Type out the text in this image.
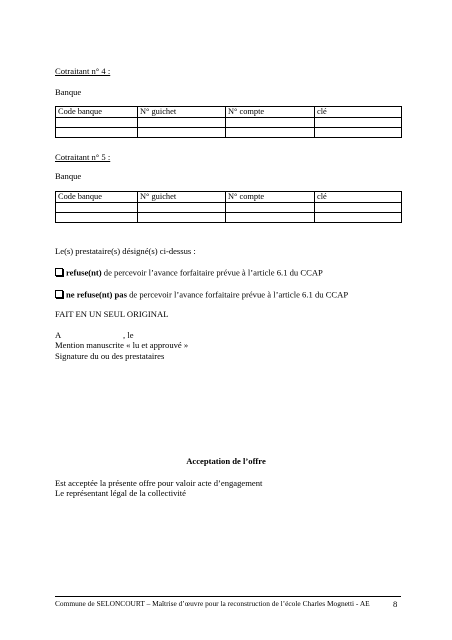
Cotraitant n° 4 :
Banque
Code banque	N° guichet	N° compte	clé

Cotraitant n° 5 :
Banque
Code banque	N° guichet	N° compte	clé

Le(s) prestataire(s) désigné(s) ci-dessus :
refuse(nt) de percevoir l’avance forfaitaire prévue à l’article 6.1 du CCAP
ne refuse(nt) pas de percevoir l’avance forfaitaire prévue à l’article 6.1 du CCAP
FAIT EN UN SEUL ORIGINAL
A                             , le
Mention manuscrite « lu et approuvé »
Signature du ou des prestataires
Acceptation de l’offre
Est acceptée la présente offre pour valoir acte d’engagement
Le représentant légal de la collectivité
Commune de SELONCOURT – Maîtrise d’œuvre pour la reconstruction de l’école Charles Mognetti - AE	8
